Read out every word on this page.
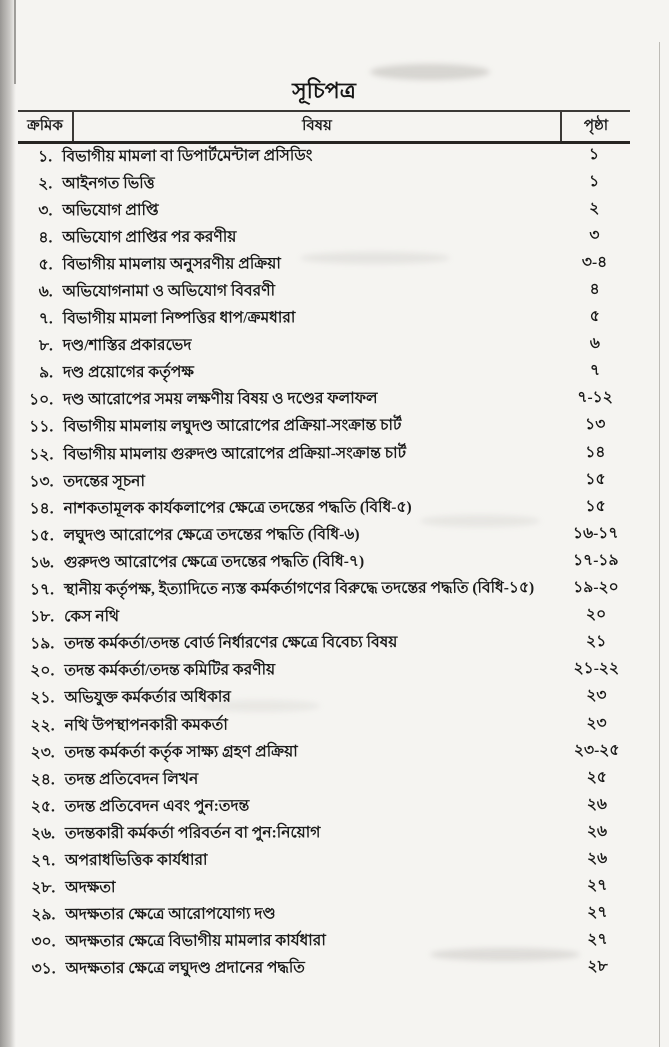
সূচিপত্র
ক্রমিক	বিষয়	পৃষ্ঠা
১. বিভাগীয় মামলা বা ডিপার্টমেন্টাল প্রসিডিং	১
২. আইনগত ভিত্তি	১
৩. অভিযোগ প্রাপ্তি	২
৪. অভিযোগ প্রাপ্তির পর করণীয়	৩
৫. বিভাগীয় মামলায় অনুসরণীয় প্রক্রিয়া	৩-৪
৬. অভিযোগনামা ও অভিযোগ বিবরণী	৪
৭. বিভাগীয় মামলা নিষ্পত্তির ধাপ/ক্রমধারা	৫
৮. দণ্ড/শাস্তির প্রকারভেদ	৬
৯. দণ্ড প্রয়োগের কর্তৃপক্ষ	৭
১০. দণ্ড আরোপের সময় লক্ষণীয় বিষয় ও দণ্ডের ফলাফল	৭-১২
১১. বিভাগীয় মামলায় লঘুদণ্ড আরোপের প্রক্রিয়া-সংক্রান্ত চার্ট	১৩
১২. বিভাগীয় মামলায় গুরুদণ্ড আরোপের প্রক্রিয়া-সংক্রান্ত চার্ট	১৪
১৩. তদন্তের সূচনা	১৫
১৪. নাশকতামূলক কার্যকলাপের ক্ষেত্রে তদন্তের পদ্ধতি (বিধি-৫)	১৫
১৫. লঘুদণ্ড আরোপের ক্ষেত্রে তদন্তের পদ্ধতি (বিধি-৬)	১৬-১৭
১৬. গুরুদণ্ড আরোপের ক্ষেত্রে তদন্তের পদ্ধতি (বিধি-৭)	১৭-১৯
১৭. স্থানীয় কর্তৃপক্ষ, ইত্যাদিতে ন্যস্ত কর্মকর্তাগণের বিরুদ্ধে তদন্তের পদ্ধতি (বিধি-১৫)	১৯-২০
১৮. কেস নথি	২০
১৯. তদন্ত কর্মকর্তা/তদন্ত বোর্ড নির্ধারণের ক্ষেত্রে বিবেচ্য বিষয়	২১
২০. তদন্ত কর্মকর্তা/তদন্ত কমিটির করণীয়	২১-২২
২১. অভিযুক্ত কর্মকর্তার অধিকার	২৩
২২. নথি উপস্থাপনকারী কমকর্তা	২৩
২৩. তদন্ত কর্মকর্তা কর্তৃক সাক্ষ্য গ্রহণ প্রক্রিয়া	২৩-২৫
২৪. তদন্ত প্রতিবেদন লিখন	২৫
২৫. তদন্ত প্রতিবেদন এবং পুন:তদন্ত	২৬
২৬. তদন্তকারী কর্মকর্তা পরিবর্তন বা পুন:নিয়োগ	২৬
২৭. অপরাধভিত্তিক কার্যধারা	২৬
২৮. অদক্ষতা	২৭
২৯. অদক্ষতার ক্ষেত্রে আরোপযোগ্য দণ্ড	২৭
৩০. অদক্ষতার ক্ষেত্রে বিভাগীয় মামলার কার্যধারা	২৭
৩১. অদক্ষতার ক্ষেত্রে লঘুদণ্ড প্রদানের পদ্ধতি	২৮
